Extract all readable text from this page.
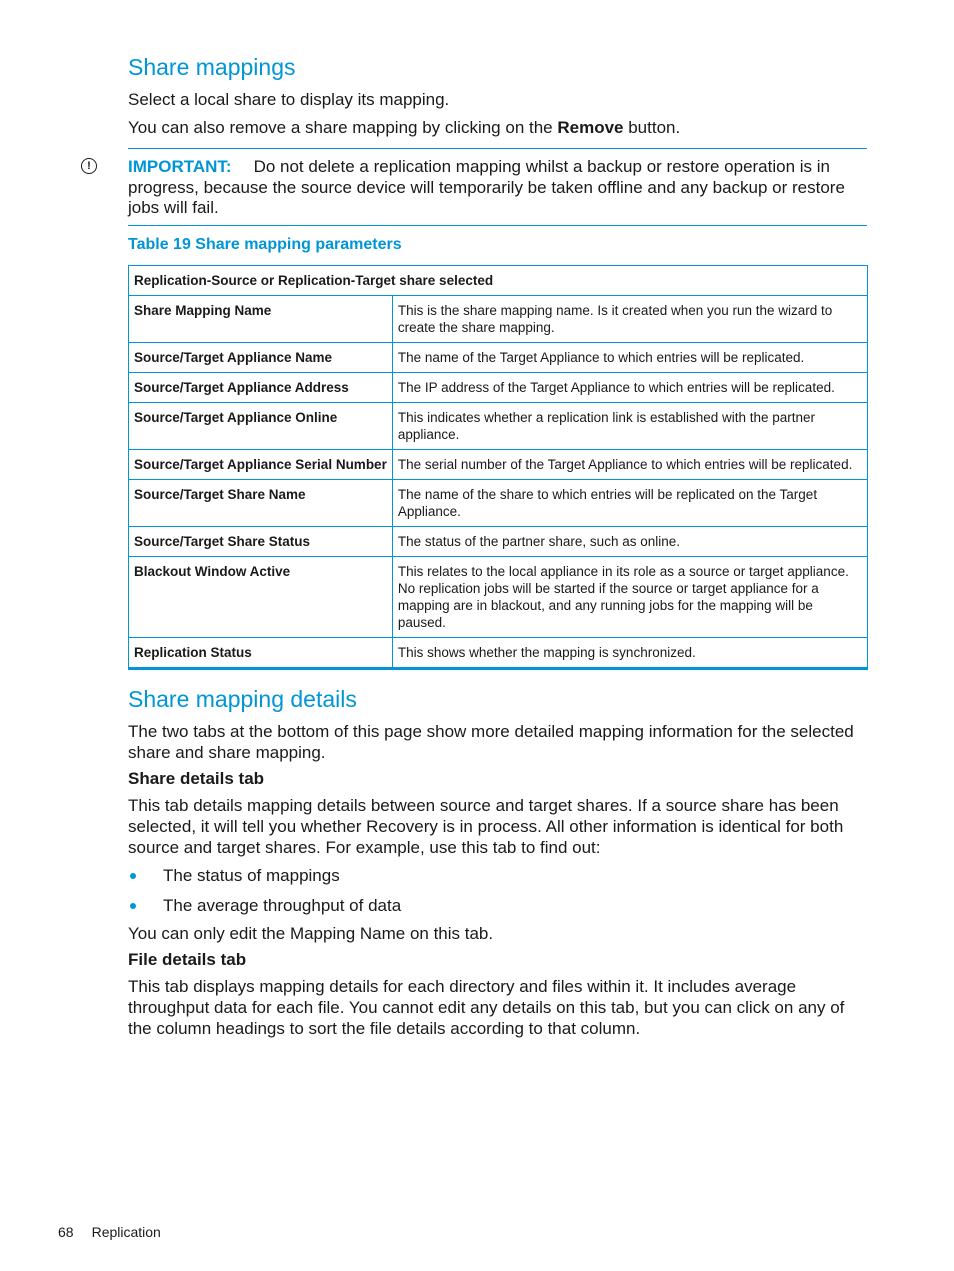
Share mappings

Select a local share to display its mapping.

You can also remove a share mapping by clicking on the Remove button.

!	IMPORTANT: Do not delete a replication mapping whilst a backup or restore operation is in progress, because the source device will temporarily be taken offline and any backup or restore jobs will fail.
Table 19 Share mapping parameters
Replication-Source or Replication-Target share selected	
Share Mapping Name	This is the share mapping name. Is it created when you run the wizard to create the share mapping.
Source/Target Appliance Name	The name of the Target Appliance to which entries will be replicated.
Source/Target Appliance Address	The IP address of the Target Appliance to which entries will be replicated.
Source/Target Appliance Online	This indicates whether a replication link is established with the partner appliance.
Source/Target Appliance Serial Number	The serial number of the Target Appliance to which entries will be replicated.
Source/Target Share Name	The name of the share to which entries will be replicated on the Target Appliance.
Source/Target Share Status	The status of the partner share, such as online.
Blackout Window Active	This relates to the local appliance in its role as a source or target appliance. No replication jobs will be started if the source or target appliance for a mapping are in blackout, and any running jobs for the mapping will be paused.
Replication Status	This shows whether the mapping is synchronized.
Share mapping details

The two tabs at the bottom of this page show more detailed mapping information for the selected share and share mapping.

Share details tab

This tab details mapping details between source and target shares. If a source share has been selected, it will tell you whether Recovery is in process. All other information is identical for both source and target shares. For example, use this tab to find out:

The status of mappings
The average throughput of data

You can only edit the Mapping Name on this tab.

File details tab

This tab displays mapping details for each directory and files within it. It includes average throughput data for each file. You cannot edit any details on this tab, but you can click on any of the column headings to sort the file details according to that column.

68 Replication
